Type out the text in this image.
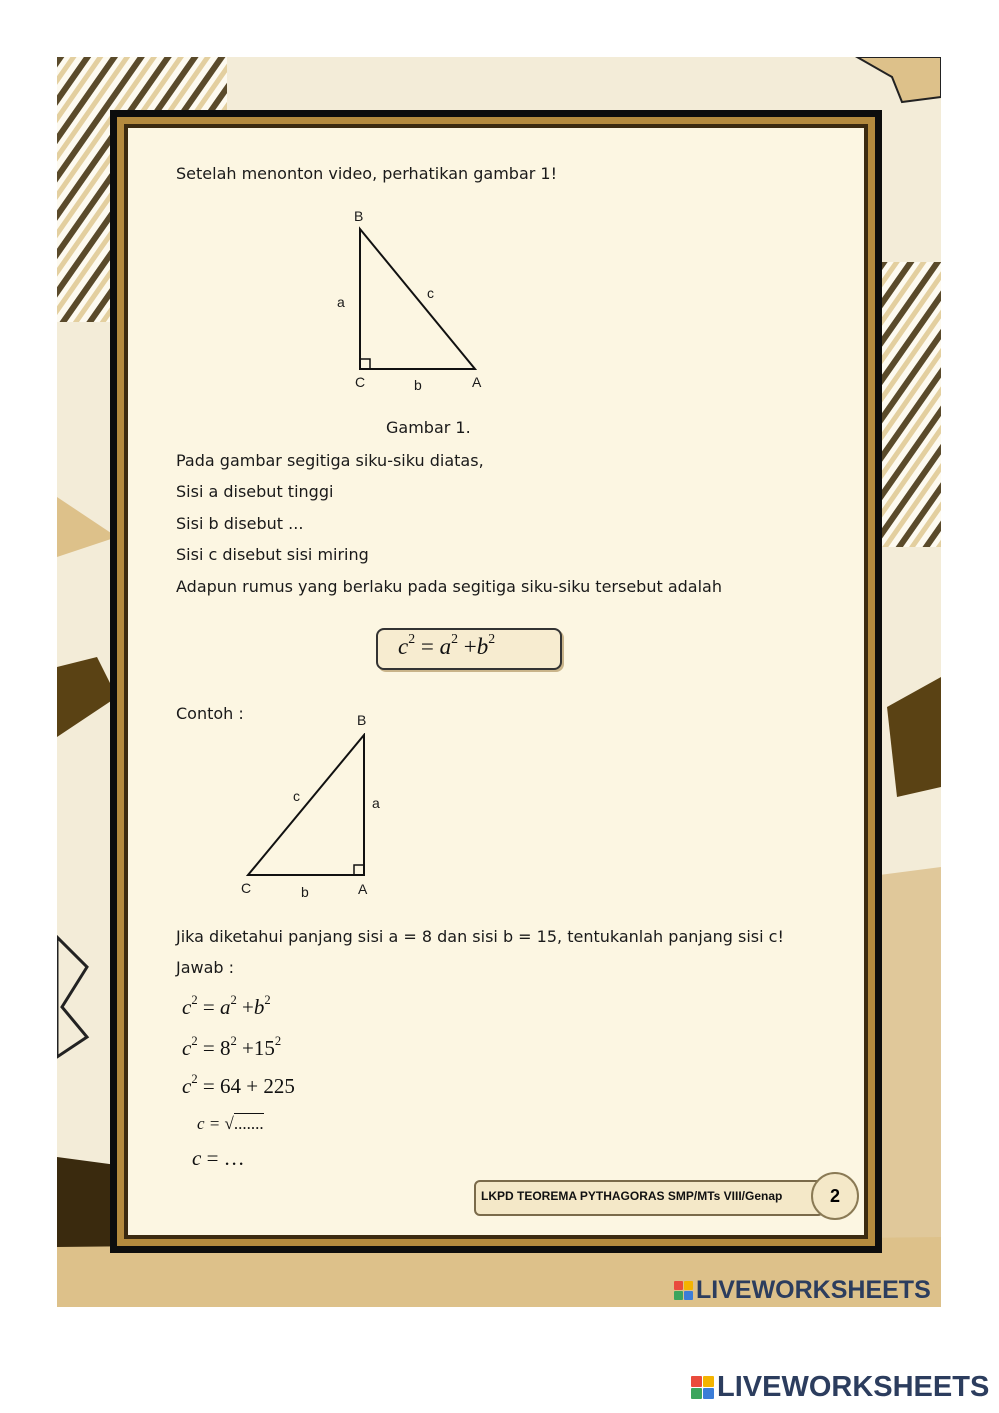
Setelah menonton video, perhatikan gambar 1!
B
a
c
C	b	A
Gambar 1.
Pada gambar segitiga siku-siku diatas,
Sisi a disebut tinggi
Sisi b disebut ...
Sisi c disebut sisi miring
Adapun rumus yang berlaku pada segitiga siku-siku tersebut adalah
$c^2 = a^2 +b^2$
Contoh :	B
c	a
C	b	A
Jika diketahui panjang sisi a = 8 dan sisi b = 15, tentukanlah panjang sisi c!
Jawab :
$c^2 = a^2 +b^2$
$c^2 = 8^2 +15^2$
$c^2 = 64 + 225$
c = √.......
c = …
LKPD TEOREMA PYTHAGORAS SMP/MTs VIII/Genap	2
LIVEWORKSHEETS
LIVEWORKSHEETS
